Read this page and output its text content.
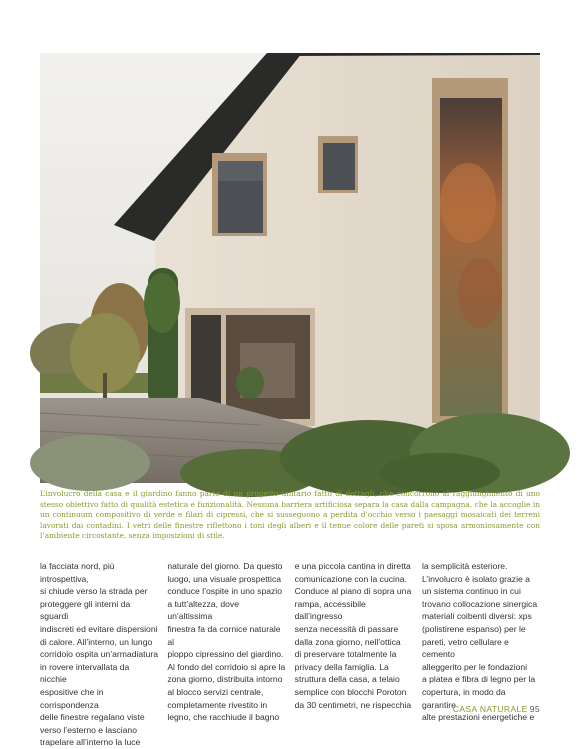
L’involucro della casa e il giardino fanno parte di un progetto unitario fatto di dettagli, che concorrono al raggiungimento di uno stesso obiettivo fatto di qualità estetica e funzionalità. Nessuna barriera artificiosa separa la casa dalla campagna, che la accoglie in un continuum compositivo di verde e filari di cipressi, che si susseguono a perdita d’occhio verso i paesaggi mosaicati dei terreni lavorati dai contadini. I vetri delle finestre riflettono i toni degli alberi e il tenue colore delle pareti si sposa armoniosamente con l’ambiente circostante, senza imposizioni di stile.

la facciata nord, più introspettiva,
si chiude verso la strada per
proteggere gli interni da sguardi
indiscreti ed evitare dispersioni
di calore. All’interno, un lungo
corridoio ospita un’armadiatura
in rovere intervallata da nicchie
espositive che in corrispondenza
delle finestre regalano viste
verso l’esterno e lasciano
trapelare all’interno la luce
naturale del giorno. Da questo
luogo, una visuale prospettica
conduce l’ospite in uno spazio
a tutt’altezza, dove un’altissima
finestra fa da cornice naturale al
pioppo cipressino del giardino.
Al fondo del corridoio si apre la
zona giorno, distribuita intorno
al blocco servizi centrale,
completamente rivestito in
legno, che racchiude il bagno
e una piccola cantina in diretta
comunicazione con la cucina.
Conduce al piano di sopra una
rampa, accessibile dall’ingresso
senza necessità di passare
dalla zona giorno, nell’ottica
di preservare totalmente la
privacy della famiglia. La
struttura della casa, a telaio
semplice con blocchi Poroton
da 30 centimetri, ne rispecchia
la semplicità esteriore.
L’involucro è isolato grazie a
un sistema continuo in cui
trovano collocazione sinergica
materiali coibenti diversi: xps
(polistirene espanso) per le
pareti, vetro cellulare e cemento
alleggerito per le fondazioni
a platea e fibra di legno per la
copertura, in modo da garantire
alte prestazioni energetiche e
CASA NATURALE 95
